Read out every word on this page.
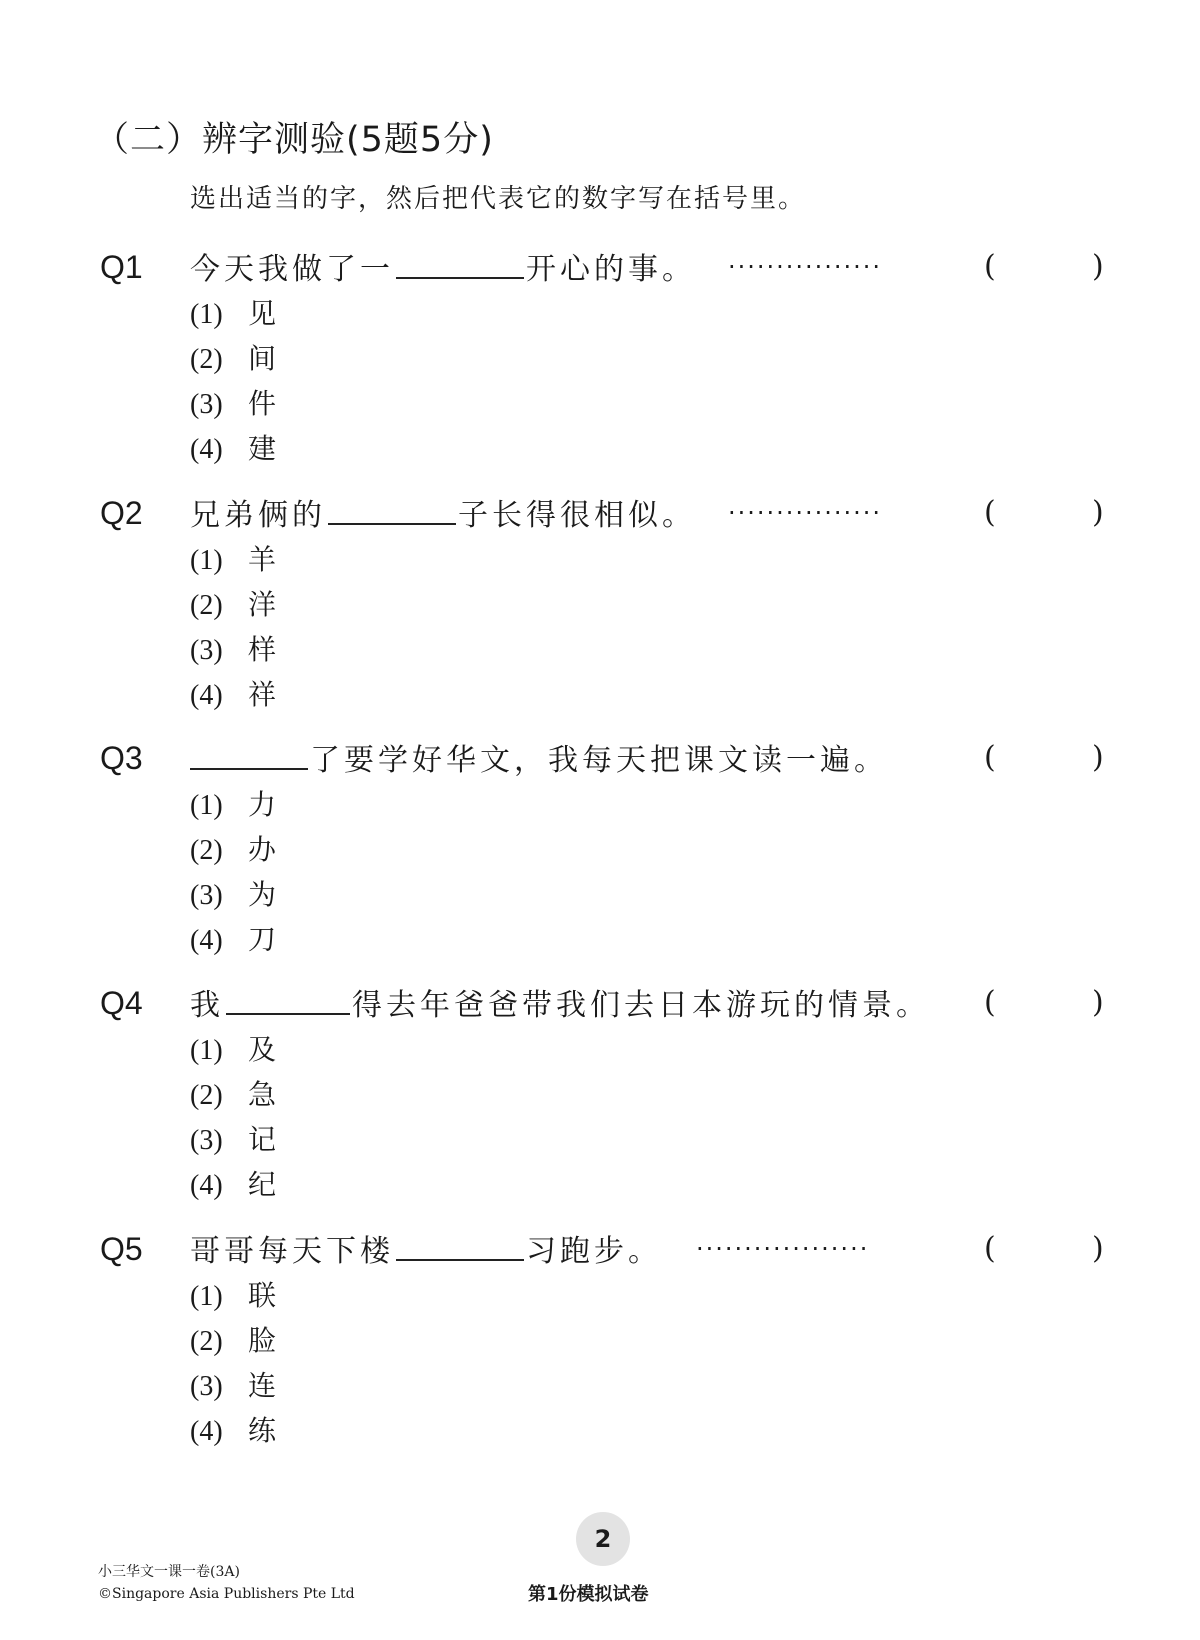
（二）辨字测验(5题5分)
选出适当的字，然后把代表它的数字写在括号里。
Q1 今天我做了一	开心的事。 ················	(	)
(1) 见
(2) 间
(3) 件
(4) 建
Q2 兄弟俩的	子长得很相似。 ················	(	)
(1) 羊
(2) 洋
(3) 样
(4) 祥
Q3	了要学好华文，我每天把课文读一遍。	(	)
(1) 力
(2) 办
(3) 为
(4) 刀
Q4 我	得去年爸爸带我们去日本游玩的情景。 (	)
(1) 及
(2) 急
(3) 记
(4) 纪
Q5 哥哥每天下楼	习跑步。 ··················	(	)
(1) 联
(2) 脸
(3) 连
(4) 练
2
小三华文一课一卷(3A)
©Singapore Asia Publishers Pte Ltd	第1份模拟试卷
